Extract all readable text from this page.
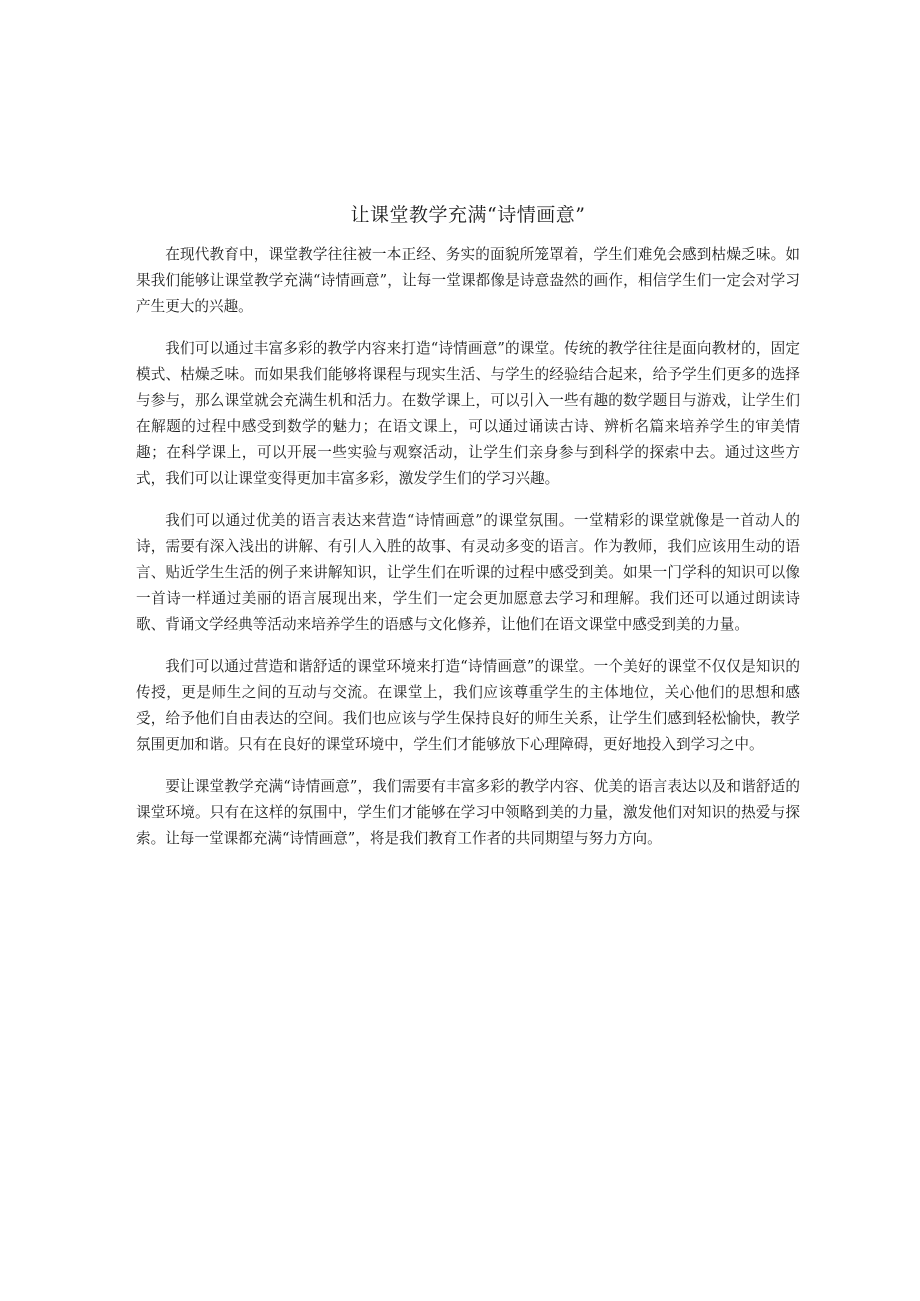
让课堂教学充满“诗情画意”

在现代教育中，课堂教学往往被一本正经、务实的面貌所笼罩着，学生们难免会感到枯燥乏味。如果我们能够让课堂教学充满“诗情画意”，让每一堂课都像是诗意盎然的画作，相信学生们一定会对学习产生更大的兴趣。

我们可以通过丰富多彩的教学内容来打造“诗情画意”的课堂。传统的教学往往是面向教材的，固定模式、枯燥乏味。而如果我们能够将课程与现实生活、与学生的经验结合起来，给予学生们更多的选择与参与，那么课堂就会充满生机和活力。在数学课上，可以引入一些有趣的数学题目与游戏，让学生们在解题的过程中感受到数学的魅力；在语文课上，可以通过诵读古诗、辨析名篇来培养学生的审美情趣；在科学课上，可以开展一些实验与观察活动，让学生们亲身参与到科学的探索中去。通过这些方式，我们可以让课堂变得更加丰富多彩，激发学生们的学习兴趣。

我们可以通过优美的语言表达来营造“诗情画意”的课堂氛围。一堂精彩的课堂就像是一首动人的诗，需要有深入浅出的讲解、有引人入胜的故事、有灵动多变的语言。作为教师，我们应该用生动的语言、贴近学生生活的例子来讲解知识，让学生们在听课的过程中感受到美。如果一门学科的知识可以像一首诗一样通过美丽的语言展现出来，学生们一定会更加愿意去学习和理解。我们还可以通过朗读诗歌、背诵文学经典等活动来培养学生的语感与文化修养，让他们在语文课堂中感受到美的力量。

我们可以通过营造和谐舒适的课堂环境来打造“诗情画意”的课堂。一个美好的课堂不仅仅是知识的传授，更是师生之间的互动与交流。在课堂上，我们应该尊重学生的主体地位，关心他们的思想和感受，给予他们自由表达的空间。我们也应该与学生保持良好的师生关系，让学生们感到轻松愉快，教学氛围更加和谐。只有在良好的课堂环境中，学生们才能够放下心理障碍，更好地投入到学习之中。

要让课堂教学充满“诗情画意”，我们需要有丰富多彩的教学内容、优美的语言表达以及和谐舒适的课堂环境。只有在这样的氛围中，学生们才能够在学习中领略到美的力量，激发他们对知识的热爱与探索。让每一堂课都充满“诗情画意”，将是我们教育工作者的共同期望与努力方向。
